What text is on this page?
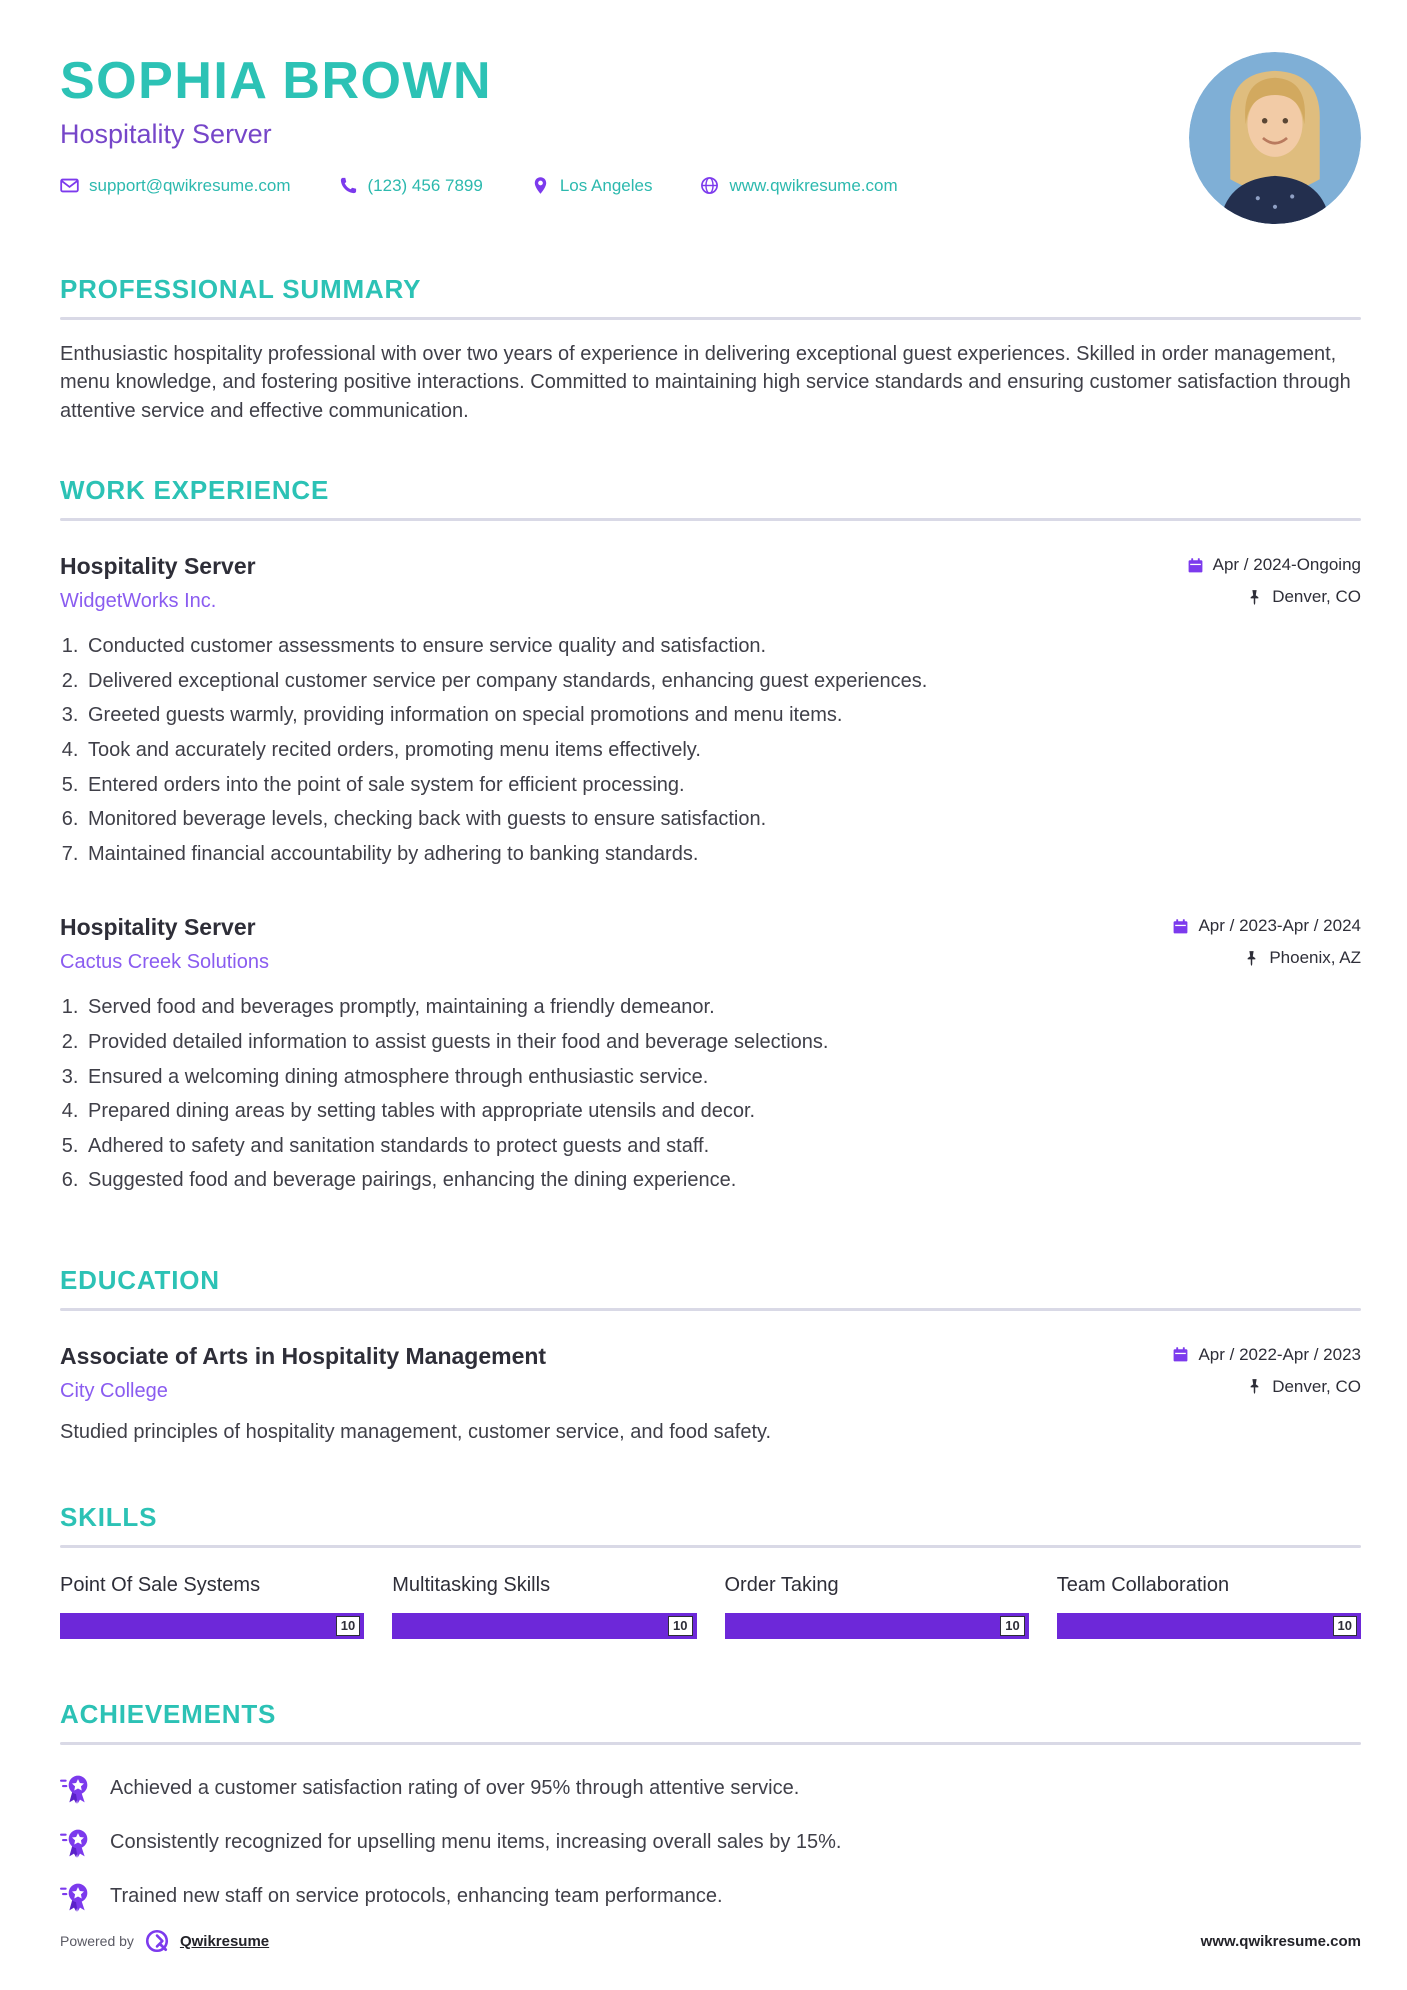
SOPHIA BROWN
Hospitality Server
support@qwikresume.com	(123) 456 7899	Los Angeles	www.qwikresume.com
PROFESSIONAL SUMMARY

Enthusiastic hospitality professional with over two years of experience in delivering exceptional guest experiences. Skilled in order management, menu knowledge, and fostering positive interactions. Committed to maintaining high service standards and ensuring customer satisfaction through attentive service and effective communication.

WORK EXPERIENCE
Hospitality Server
WidgetWorks Inc.
Apr / 2024-Ongoing
Denver, CO
1. Conducted customer assessments to ensure service quality and satisfaction.
2. Delivered exceptional customer service per company standards, enhancing guest experiences.
3. Greeted guests warmly, providing information on special promotions and menu items.
4. Took and accurately recited orders, promoting menu items effectively.
5. Entered orders into the point of sale system for efficient processing.
6. Monitored beverage levels, checking back with guests to ensure satisfaction.
7. Maintained financial accountability by adhering to banking standards.
Hospitality Server
Cactus Creek Solutions
Apr / 2023-Apr / 2024
Phoenix, AZ
1. Served food and beverages promptly, maintaining a friendly demeanor.
2. Provided detailed information to assist guests in their food and beverage selections.
3. Ensured a welcoming dining atmosphere through enthusiastic service.
4. Prepared dining areas by setting tables with appropriate utensils and decor.
5. Adhered to safety and sanitation standards to protect guests and staff.
6. Suggested food and beverage pairings, enhancing the dining experience.
EDUCATION
Associate of Arts in Hospitality Management
City College
Apr / 2022-Apr / 2023
Denver, CO

Studied principles of hospitality management, customer service, and food safety.

SKILLS
Point Of Sale Systems
10
Multitasking Skills
10
Order Taking
10
Team Collaboration
10
ACHIEVEMENTS
Achieved a customer satisfaction rating of over 95% through attentive service.
Consistently recognized for upselling menu items, increasing overall sales by 15%.
Trained new staff on service protocols, enhancing team performance.
Powered by	Qwikresume	www.qwikresume.com
